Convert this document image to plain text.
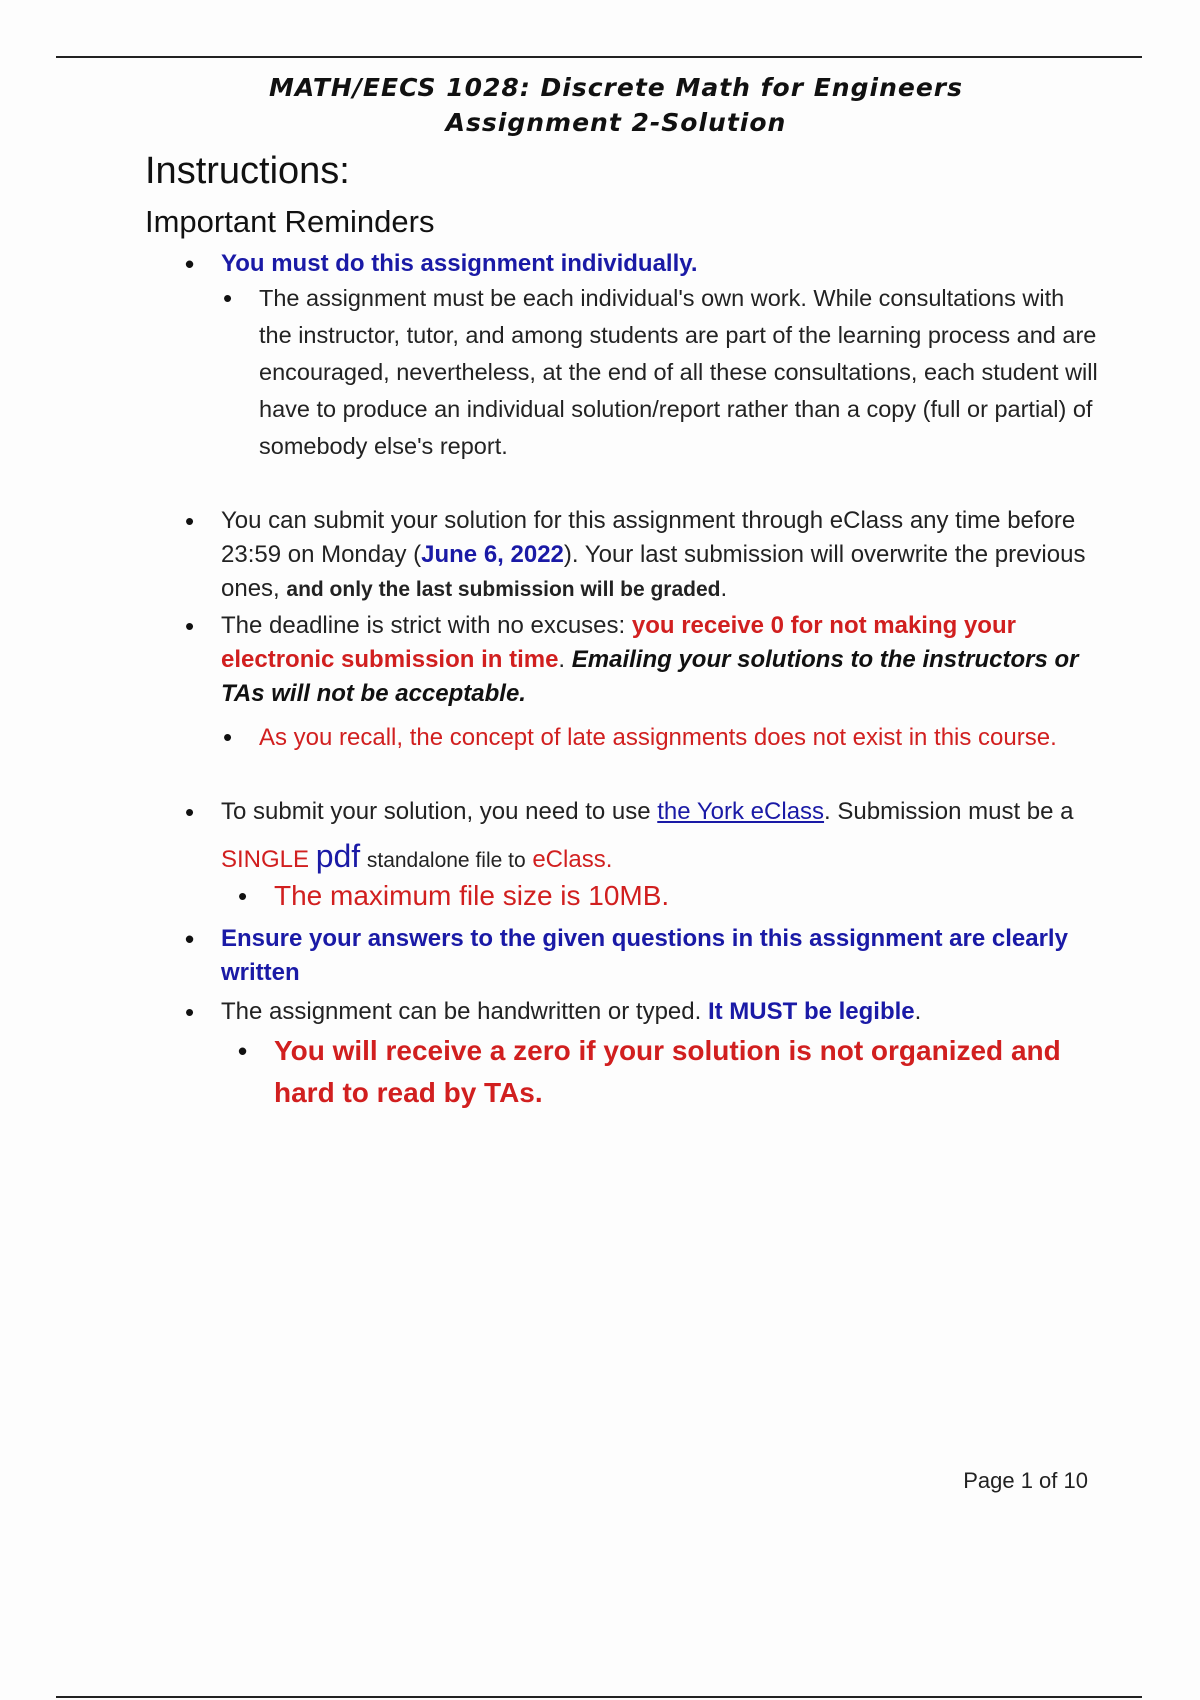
MATH/EECS 1028: Discrete Math for Engineers
Assignment 2-Solution
Instructions:
Important Reminders
• You must do this assignment individually.
• The assignment must be each individual's own work. While consultations with the instructor, tutor, and among students are part of the learning process and are encouraged, nevertheless, at the end of all these consultations, each student will have to produce an individual solution/report rather than a copy (full or partial) of somebody else's report.
• You can submit your solution for this assignment through eClass any time before 23:59 on Monday (June 6, 2022). Your last submission will overwrite the previous ones, and only the last submission will be graded.
• The deadline is strict with no excuses: you receive 0 for not making your electronic submission in time. Emailing your solutions to the instructors or TAs will not be acceptable.
• As you recall, the concept of late assignments does not exist in this course.
• To submit your solution, you need to use the York eClass. Submission must be a SINGLE pdf standalone file to eClass.
• The maximum file size is 10MB.
• Ensure your answers to the given questions in this assignment are clearly written
• The assignment can be handwritten or typed. It MUST be legible.
• You will receive a zero if your solution is not organized and hard to read by TAs.
Page 1 of 10
